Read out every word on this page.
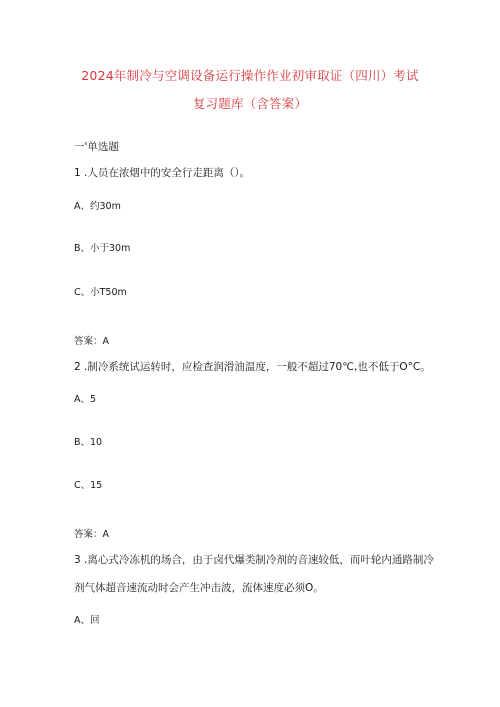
2024年制冷与空调设备运行操作作业初审取证（四川）考试
复习题库（含答案）
一'单选题
1 .人员在浓烟中的安全行走距离（）。
A、约30m
B、小于30m
C、小T50m
答案：A
2 .制冷系统试运转时，应检查润滑油温度，一般不超过70℃,也不低于O°C。
A、5
B、10
C、15
答案：A
3 .离心式冷冻机的场合，由于卤代爆类制冷剂的音速较低，而叶轮内通路制冷
剂气体超音速流动时会产生冲击波，流体速度必须O。
A、回
